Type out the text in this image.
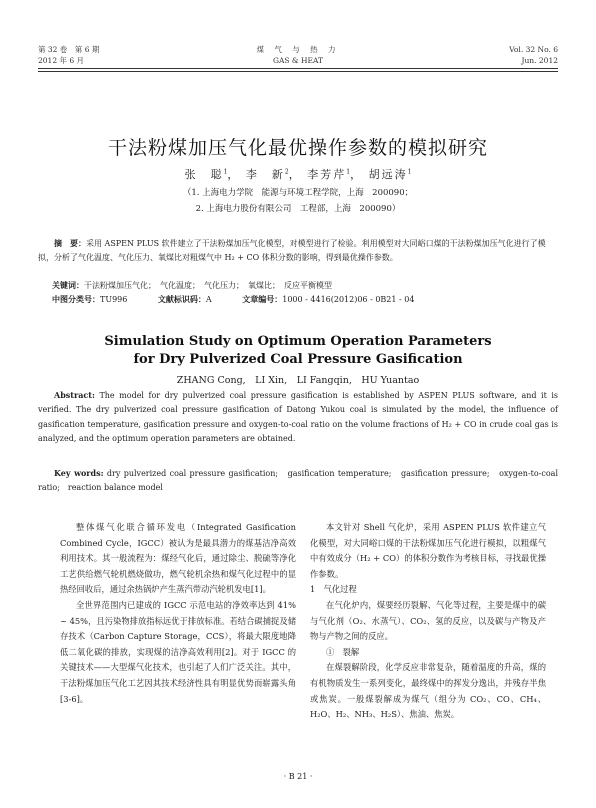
第 32 卷　第 6 期
2012 年 6 月
煤 气 与 热 力
GAS & HEAT
Vol. 32 No. 6
Jun. 2012
干法粉煤加压气化最优操作参数的模拟研究
张　聪$^1$， 李　新$^2$， 李芳芹$^1$， 胡远涛$^1$
（1. 上海电力学院　能源与环境工程学院，上海　200090；
2. 上海电力股份有限公司　工程部，上海　200090）
摘　要：采用 ASPEN PLUS 软件建立了干法粉煤加压气化模型，对模型进行了检验。利用模型对大同峪口煤的干法粉煤加压气化进行了模拟，分析了气化温度、气化压力、氧煤比对粗煤气中 H₂ + CO 体积分数的影响，得到最优操作参数。
关键词：干法粉煤加压气化；　气化温度；　气化压力；　氧煤比；　反应平衡模型
中图分类号：TU996	文献标识码：A	文章编号：1000 - 4416(2012)06 - 0B21 - 04
Simulation Study on Optimum Operation Parameters
for Dry Pulverized Coal Pressure Gasification
ZHANG Cong,　LI Xin,　LI Fangqin,　HU Yuantao
Abstract: The model for dry pulverized coal pressure gasification is established by ASPEN PLUS software, and it is verified. The dry pulverized coal pressure gasification of Datong Yukou coal is simulated by the model, the influence of gasification temperature, gasification pressure and oxygen-to-coal ratio on the volume fractions of H₂ + CO in crude coal gas is analyzed, and the optimum operation parameters are obtained.
Key words: dry pulverized coal pressure gasification;　gasification temperature;　gasification pressure;　oxygen-to-coal ratio;　reaction balance model

整体煤气化联合循环发电（Integrated Gasification Combined Cycle，IGCC）被认为是最具潜力的煤基洁净高效利用技术。其一般流程为：煤经气化后，通过除尘、脱硫等净化工艺供给燃气轮机燃烧做功，燃气轮机余热和煤气化过程中的显热经回收后，通过余热锅炉产生蒸汽带动汽轮机发电[1]。

全世界范围内已建成的 IGCC 示范电站的净效率达到 41% ~ 45%，且污染物排放指标远优于排放标准。若结合碳捕捉及储存技术（Carbon Capture Storage，CCS），将最大限度地降低二氧化碳的排放，实现煤的洁净高效利用[2]。对于 IGCC 的关键技术——大型煤气化技术，也引起了人们广泛关注。其中，干法粉煤加压气化工艺因其技术经济性具有明显优势而崭露头角[3-6]。

本文针对 Shell 气化炉，采用 ASPEN PLUS 软件建立气化模型，对大同峪口煤的干法粉煤加压气化进行模拟，以粗煤气中有效成分（H₂ + CO）的体积分数作为考核目标，寻找最优操作参数。

1　气化过程

在气化炉内，煤要经历裂解、气化等过程，主要是煤中的碳与气化剂（O₂、水蒸气）、CO₂、氢的反应，以及碳与产物及产物与产物之间的反应。

①　裂解

在煤裂解阶段，化学反应非常复杂，随着温度的升高，煤的有机物质发生一系列变化，最终煤中的挥发分逸出，并残存半焦或焦炭。一般煤裂解成为煤气（组分为 CO₂、CO、CH₄、H₂O、H₂、NH₃、H₂S）、焦油、焦炭。

· B 21 ·
